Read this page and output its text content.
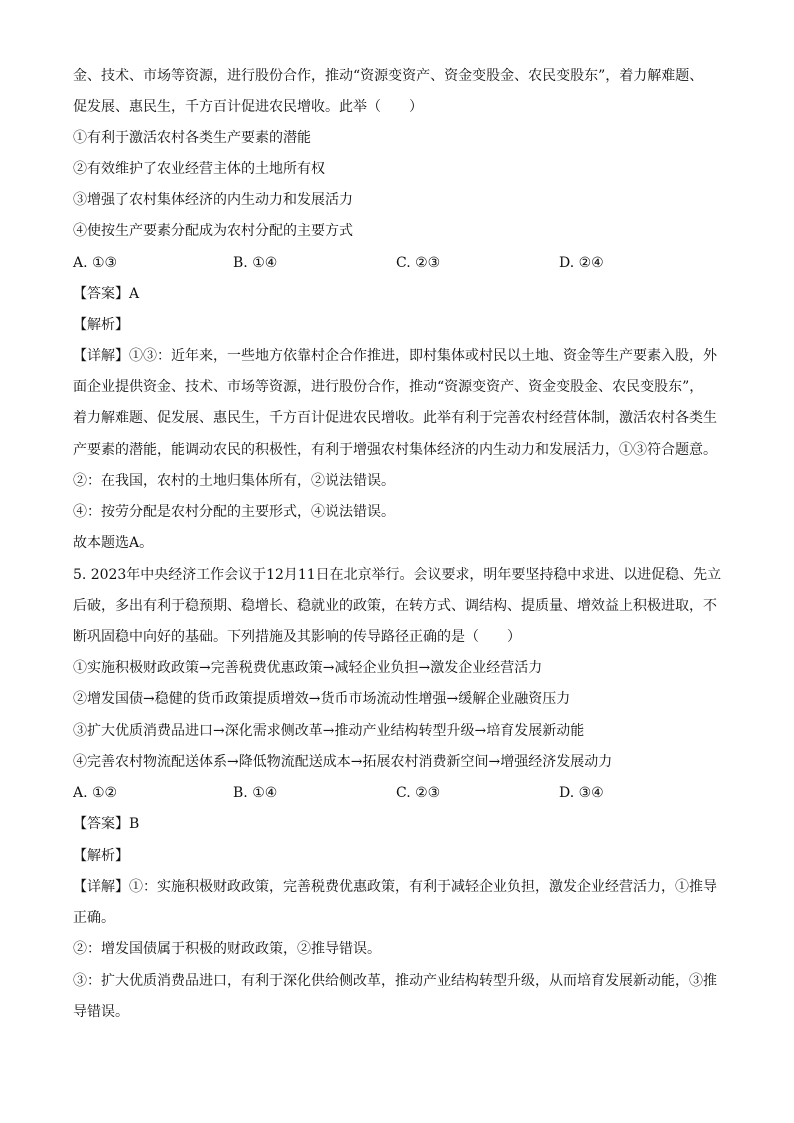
金、技术、市场等资源，进行股份合作，推动“资源变资产、资金变股金、农民变股东”，着力解难题、
促发展、惠民生，千方百计促进农民增收。此举（　　）
①有利于激活农村各类生产要素的潜能
②有效维护了农业经营主体的土地所有权
③增强了农村集体经济的内生动力和发展活力
④使按生产要素分配成为农村分配的主要方式
A. ①③	B. ①④	C. ②③	D. ②④
【答案】A
【解析】
【详解】①③：近年来，一些地方依靠村企合作推进，即村集体或村民以土地、资金等生产要素入股，外
面企业提供资金、技术、市场等资源，进行股份合作，推动“资源变资产、资金变股金、农民变股东”，
着力解难题、促发展、惠民生，千方百计促进农民增收。此举有利于完善农村经营体制，激活农村各类生
产要素的潜能，能调动农民的积极性，有利于增强农村集体经济的内生动力和发展活力，①③符合题意。
②：在我国，农村的土地归集体所有，②说法错误。
④：按劳分配是农村分配的主要形式，④说法错误。
故本题选A。
5. 2023年中央经济工作会议于12月11日在北京举行。会议要求，明年要坚持稳中求进、以进促稳、先立
后破，多出有利于稳预期、稳增长、稳就业的政策，在转方式、调结构、提质量、增效益上积极进取，不
断巩固稳中向好的基础。下列措施及其影响的传导路径正确的是（　　）
①实施积极财政政策→完善税费优惠政策→减轻企业负担→激发企业经营活力
②增发国债→稳健的货币政策提质增效→货币市场流动性增强→缓解企业融资压力
③扩大优质消费品进口→深化需求侧改革→推动产业结构转型升级→培育发展新动能
④完善农村物流配送体系→降低物流配送成本→拓展农村消费新空间→增强经济发展动力
A. ①②	B. ①④	C. ②③	D. ③④
【答案】B
【解析】
【详解】①：实施积极财政政策，完善税费优惠政策，有利于减轻企业负担，激发企业经营活力，①推导
正确。
②：增发国债属于积极的财政政策，②推导错误。
③：扩大优质消费品进口，有利于深化供给侧改革，推动产业结构转型升级，从而培育发展新动能，③推
导错误。
